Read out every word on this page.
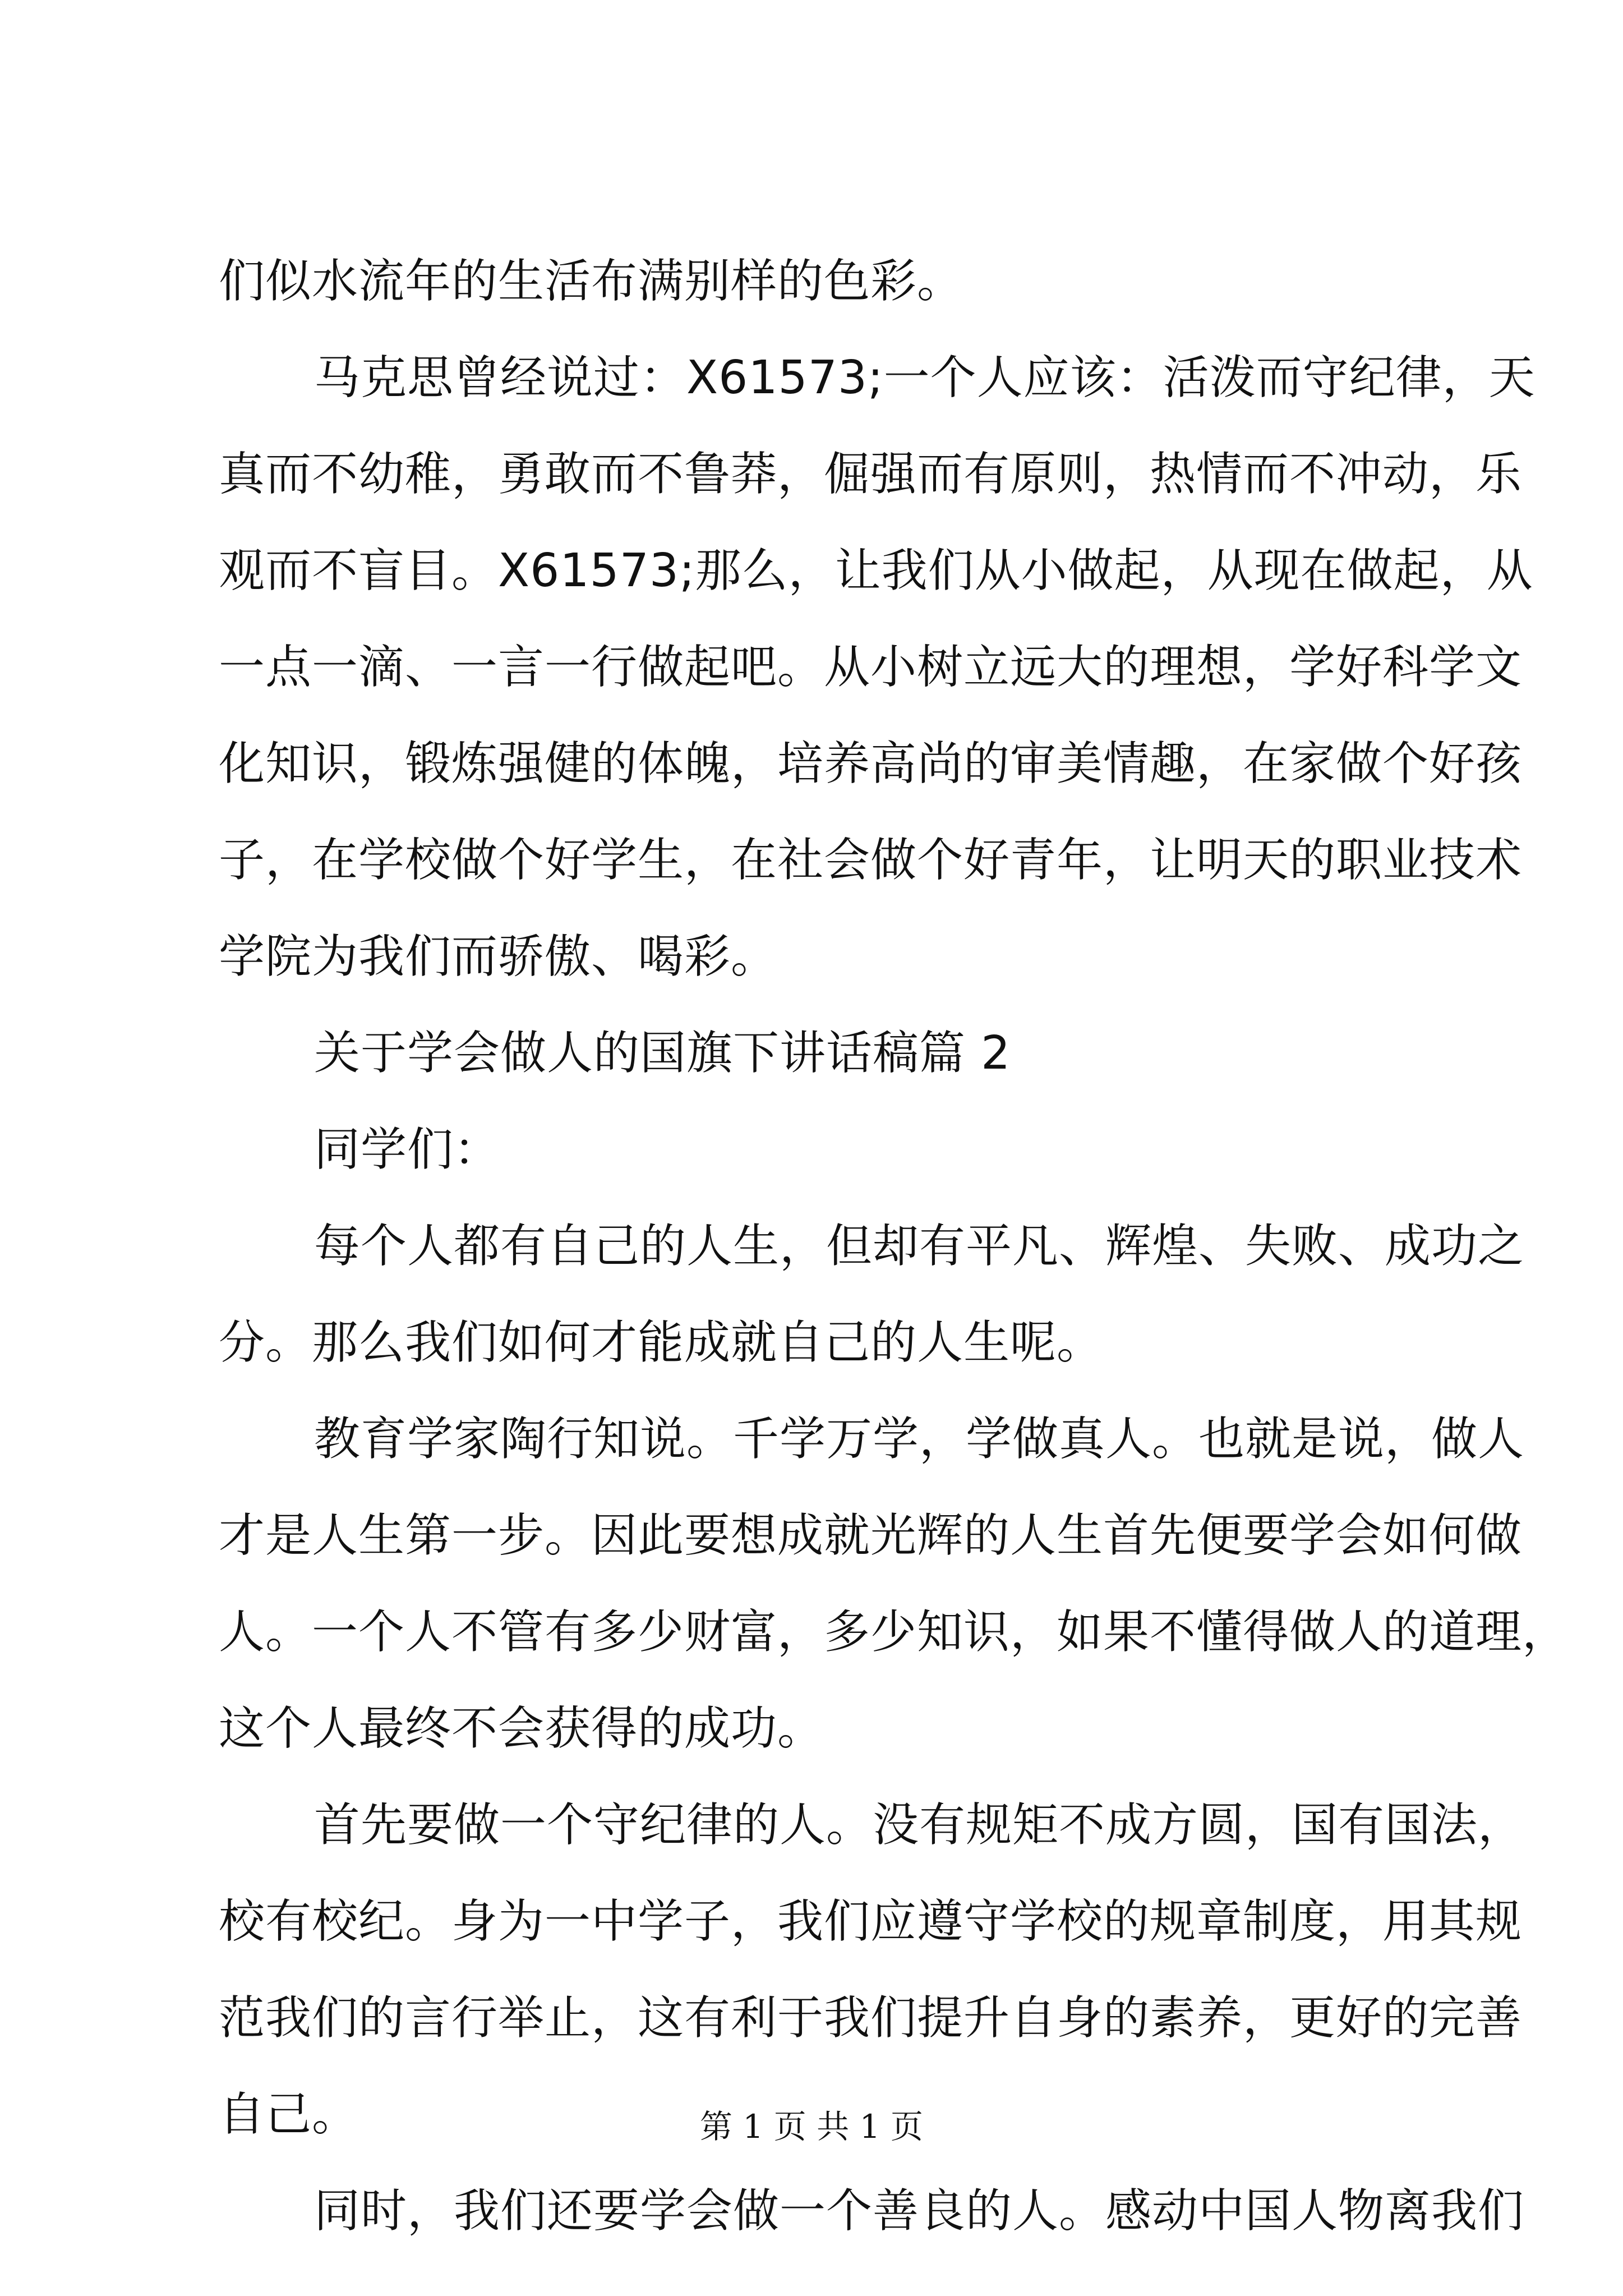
们似水流年的生活布满别样的色彩。
马克思曾经说过：X61573;一个人应该：活泼而守纪律，天
真而不幼稚，勇敢而不鲁莽，倔强而有原则，热情而不冲动，乐
观而不盲目。X61573;那么，让我们从小做起，从现在做起，从
一点一滴、一言一行做起吧。从小树立远大的理想，学好科学文
化知识，锻炼强健的体魄，培养高尚的审美情趣，在家做个好孩
子，在学校做个好学生，在社会做个好青年，让明天的职业技术
学院为我们而骄傲、喝彩。
关于学会做人的国旗下讲话稿篇 2
同学们：
每个人都有自己的人生，但却有平凡、辉煌、失败、成功之
分。那么我们如何才能成就自己的人生呢。
教育学家陶行知说。千学万学，学做真人。也就是说，做人
才是人生第一步。因此要想成就光辉的人生首先便要学会如何做
人。一个人不管有多少财富，多少知识，如果不懂得做人的道理，
这个人最终不会获得的成功。
首先要做一个守纪律的人。没有规矩不成方圆，国有国法，
校有校纪。身为一中学子，我们应遵守学校的规章制度，用其规
范我们的言行举止，这有利于我们提升自身的素养，更好的完善
自己。
同时，我们还要学会做一个善良的人。感动中国人物离我们
第 1 页 共 1 页
